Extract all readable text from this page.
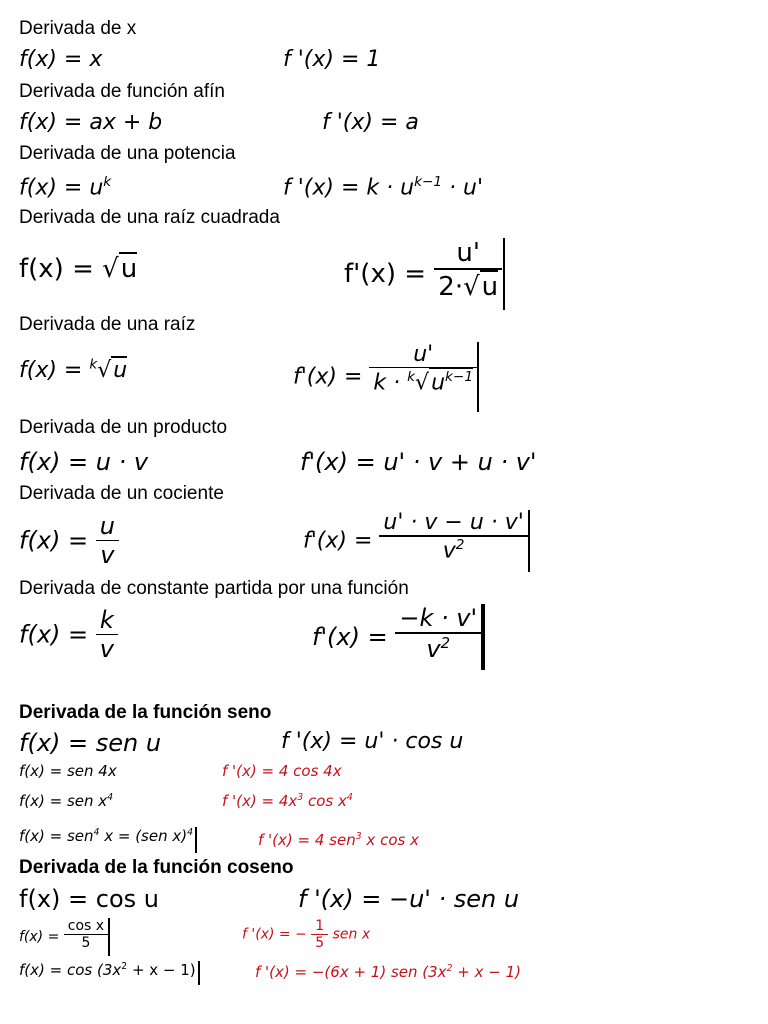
Derivada de x
f(x) = x	f '(x) = 1
Derivada de función afín
f(x) = ax + b	f '(x) = a
Derivada de una potencia
$f(x) = u^k$	f '$(x) = k \cdot u^{k-1} \cdot u$'
Derivada de una raíz cuadrada
f(x) = √u	$f'(x) = \frac{u'}{2\cdot√u}$
Derivada de una raíz
f(x) = $^k$√u	$f'(x) = \frac{u'}{k \cdot ^k√u^{k-1}}$
Derivada de un producto
f(x) = u · v	f'(x) = u' · v + u · v'
Derivada de un cociente
$f(x) = \frac{u}{v}$	$f'(x) = \frac{u' \cdot v - u \cdot v'}{v^2}$
Derivada de constante partida por una función
$f(x) = \frac{k}{v}$	$f'(x) = \frac{-k \cdot v'}{v^2}$
Derivada de la función seno
f(x) = sen u	f '(x) = u' · cos u
f(x) = sen 4x	f '(x) = 4 cos 4x
f(x) = sen $x^4$	f '$(x) = 4x^3$ $\cos x^4$
f(x) = sen$^4$ x = (sen x)$^4$	f '(x) = 4 sen$^3$ x cos x
Derivada de la función coseno
f(x) = cos u	f '(x) = −u' · sen u
$f(x) = \frac{\text{cos x}}{5}$	f '(x) = − $\frac{1}{5}$ sen x
$f(x) = \cos (3x^2 + x - 1)$	f '(x) = −(6x + 1) sen $(3x^2 + x - 1)$
